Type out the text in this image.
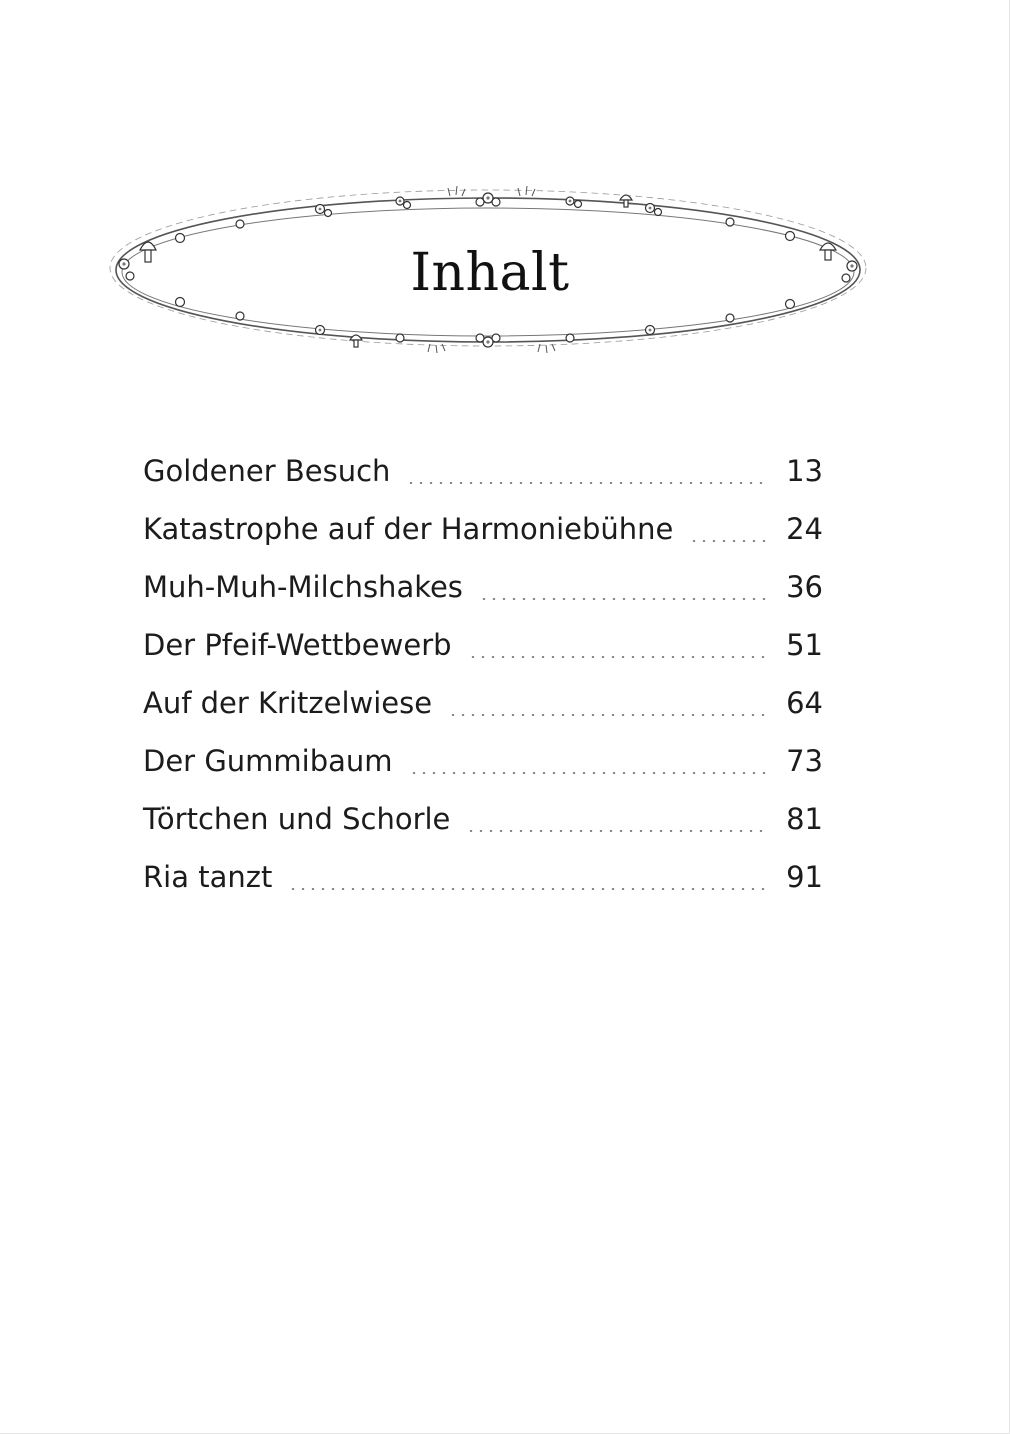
Inhalt
Goldener Besuch	13
Katastrophe auf der Harmoniebühne	24
Muh-Muh-Milchshakes	36
Der Pfeif-Wettbewerb	51
Auf der Kritzelwiese	64
Der Gummibaum	73
Törtchen und Schorle	81
Ria tanzt	91
